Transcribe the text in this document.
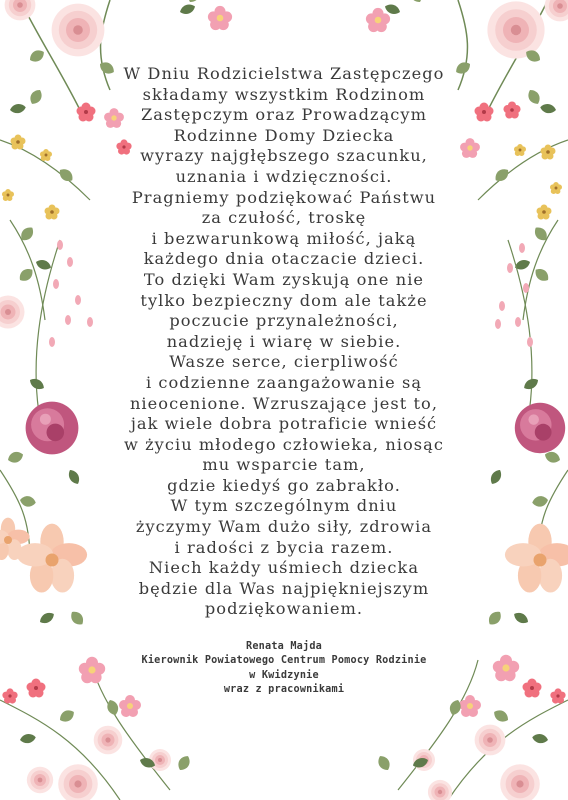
W Dniu Rodzicielstwa Zastępczego
składamy wszystkim Rodzinom
Zastępczym oraz Prowadzącym
Rodzinne Domy Dziecka
wyrazy najgłębszego szacunku,
uznania i wdzięczności.
Pragniemy podziękować Państwu
za czułość, troskę
i bezwarunkową miłość, jaką
każdego dnia otaczacie dzieci.
To dzięki Wam zyskują one nie
tylko bezpieczny dom ale także
poczucie przynależności,
nadzieję i wiarę w siebie.
Wasze serce, cierpliwość
i codzienne zaangażowanie są
nieocenione. Wzruszające jest to,
jak wiele dobra potraficie wnieść
w życiu młodego człowieka, niosąc
mu wsparcie tam,
gdzie kiedyś go zabrakło.
W tym szczególnym dniu
życzymy Wam dużo siły, zdrowia
i radości z bycia razem.
Niech każdy uśmiech dziecka
będzie dla Was najpiękniejszym
podziękowaniem.
Renata Majda
Kierownik Powiatowego Centrum Pomocy Rodzinie
w Kwidzynie
wraz z pracownikami
